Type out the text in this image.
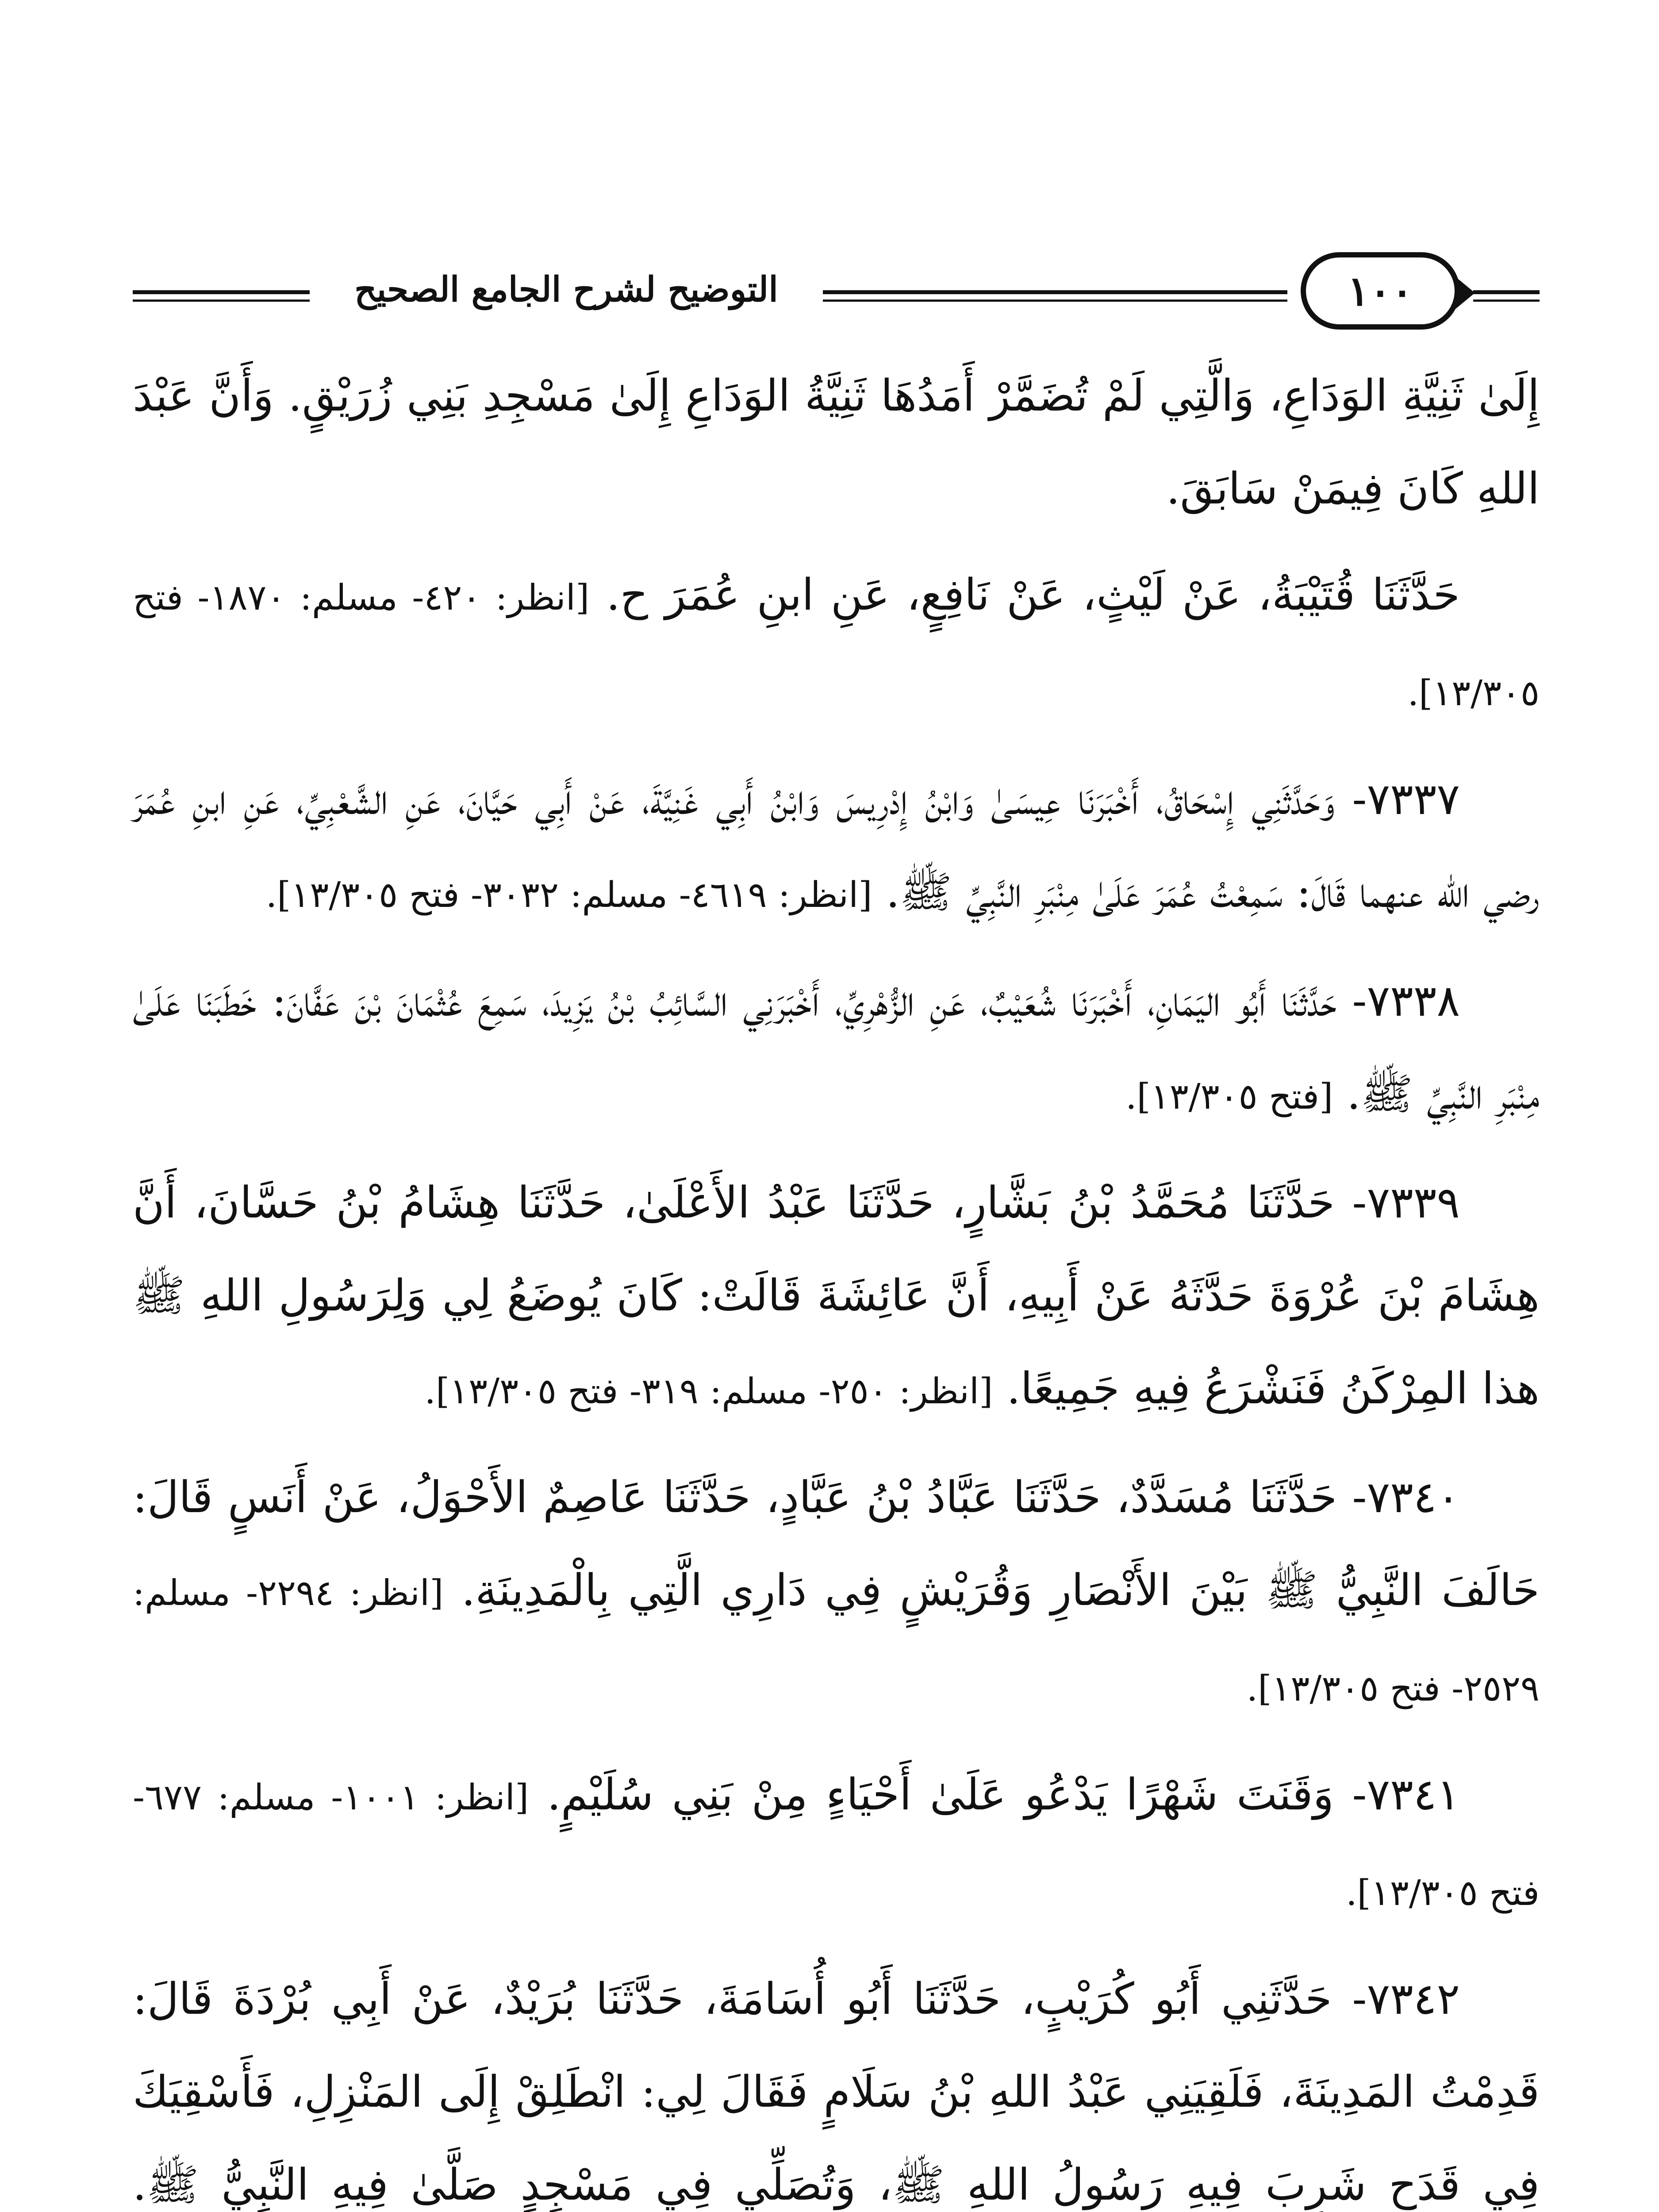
التوضيح لشرح الجامع الصحيح	١٠٠

إِلَىٰ ثَنِيَّةِ الوَدَاعِ، وَالَّتِي لَمْ تُضَمَّرْ أَمَدُهَا ثَنِيَّةُ الوَدَاعِ إِلَىٰ مَسْجِدِ بَنِي زُرَيْقٍ. وَأَنَّ عَبْدَ اللهِ كَانَ فِيمَنْ سَابَقَ.

حَدَّثَنَا قُتَيْبَةُ، عَنْ لَيْثٍ، عَنْ نَافِعٍ، عَنِ ابنِ عُمَرَ ح. [انظر: ٤٢٠- مسلم: ١٨٧٠- فتح ١٣/٣٠٥].

٧٣٣٧- وَحَدَّثَنِي إِسْحَاقُ، أَخْبَرَنَا عِيسَىٰ وَابْنُ إِدْرِيسَ وَابْنُ أَبِي غَنِيَّةَ، عَنْ أَبِي حَيَّانَ، عَنِ الشَّعْبِيِّ، عَنِ ابنِ عُمَرَ رضي الله عنهما قَالَ: سَمِعْتُ عُمَرَ عَلَىٰ مِنْبَرِ النَّبِيِّ ﷺ. [انظر: ٤٦١٩- مسلم: ٣٠٣٢- فتح ١٣/٣٠٥].

٧٣٣٨- حَدَّثَنَا أَبُو اليَمَانِ، أَخْبَرَنَا شُعَيْبٌ، عَنِ الزُّهْرِيِّ، أَخْبَرَنِي السَّائِبُ بْنُ يَزِيدَ، سَمِعَ عُثْمَانَ بْنَ عَفَّانَ: خَطَبَنَا عَلَىٰ مِنْبَرِ النَّبِيِّ ﷺ. [فتح ١٣/٣٠٥].

٧٣٣٩- حَدَّثَنَا مُحَمَّدُ بْنُ بَشَّارٍ، حَدَّثَنَا عَبْدُ الأَعْلَىٰ، حَدَّثَنَا هِشَامُ بْنُ حَسَّانَ، أَنَّ هِشَامَ بْنَ عُرْوَةَ حَدَّثَهُ عَنْ أَبِيهِ، أَنَّ عَائِشَةَ قَالَتْ: كَانَ يُوضَعُ لِي وَلِرَسُولِ اللهِ ﷺ هذا المِرْكَنُ فَنَشْرَعُ فِيهِ جَمِيعًا. [انظر: ٢٥٠- مسلم: ٣١٩- فتح ١٣/٣٠٥].

٧٣٤٠- حَدَّثَنَا مُسَدَّدٌ، حَدَّثَنَا عَبَّادُ بْنُ عَبَّادٍ، حَدَّثَنَا عَاصِمٌ الأَحْوَلُ، عَنْ أَنَسٍ قَالَ: حَالَفَ النَّبِيُّ ﷺ بَيْنَ الأَنْصَارِ وَقُرَيْشٍ فِي دَارِي الَّتِي بِالْمَدِينَةِ. [انظر: ٢٢٩٤- مسلم: ٢٥٢٩- فتح ١٣/٣٠٥].

٧٣٤١- وَقَنَتَ شَهْرًا يَدْعُو عَلَىٰ أَحْيَاءٍ مِنْ بَنِي سُلَيْمٍ. [انظر: ١٠٠١- مسلم: ٦٧٧- فتح ١٣/٣٠٥].

٧٣٤٢- حَدَّثَنِي أَبُو كُرَيْبٍ، حَدَّثَنَا أَبُو أُسَامَةَ، حَدَّثَنَا بُرَيْدٌ، عَنْ أَبِي بُرْدَةَ قَالَ: قَدِمْتُ المَدِينَةَ، فَلَقِيَنِي عَبْدُ اللهِ بْنُ سَلَامٍ فَقَالَ لِي: انْطَلِقْ إِلَى المَنْزِلِ، فَأَسْقِيَكَ فِي قَدَحٍ شَرِبَ فِيهِ رَسُولُ اللهِ ﷺ، وَتُصَلِّي فِي مَسْجِدٍ صَلَّىٰ فِيهِ النَّبِيُّ ﷺ.
